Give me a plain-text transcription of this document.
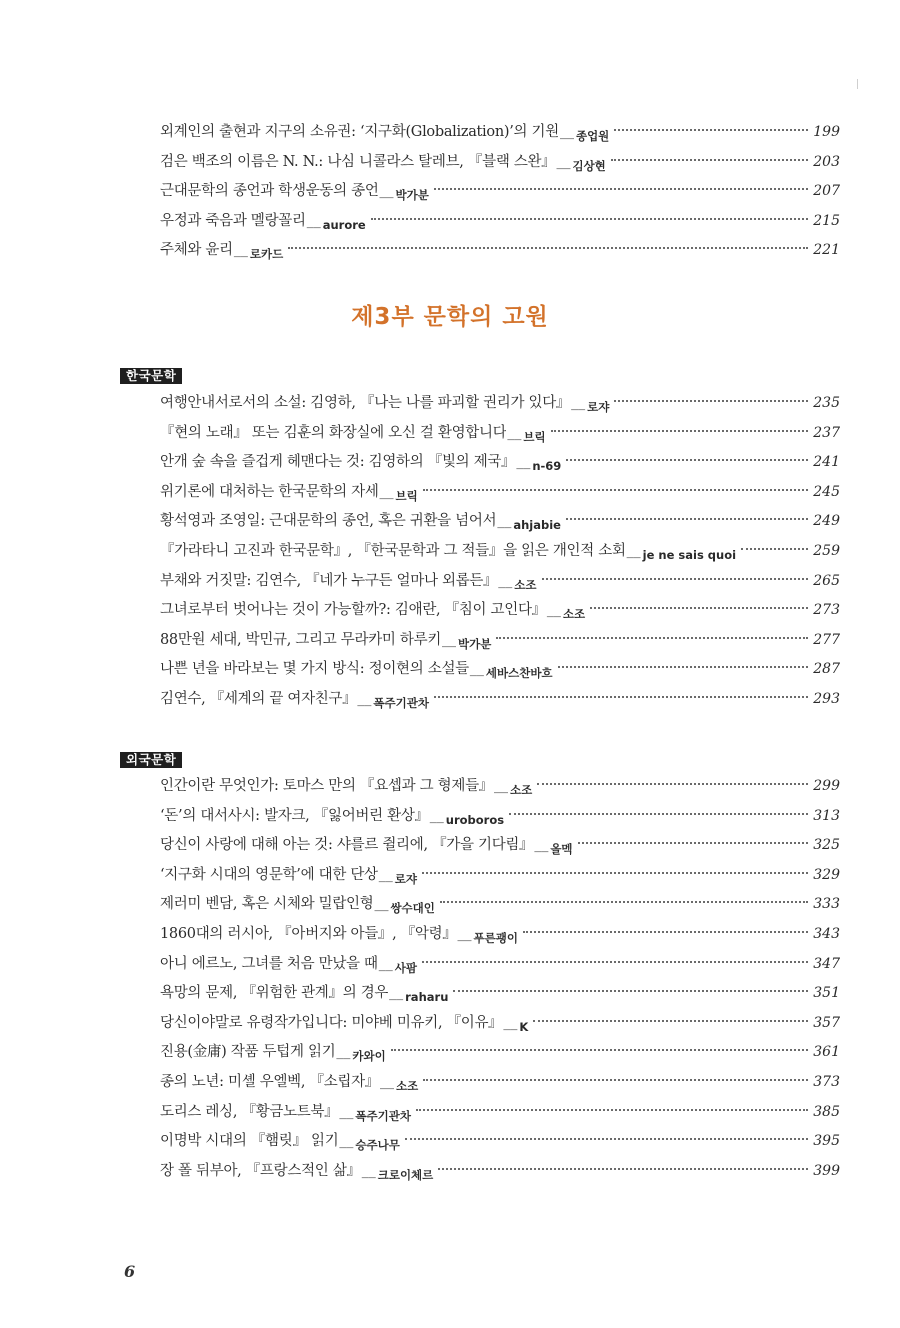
외계인의 출현과 지구의 소유권: ‘지구화(Globalization)’의 기원 __ 종업원	199
검은 백조의 이름은 N. N.: 나심 니콜라스 탈레브, 『블랙 스완』 __ 김상현	203
근대문학의 종언과 학생운동의 종언 __ 박가분	207
우정과 죽음과 멜랑꼴리 __ aurore	215
주체와 윤리 __ 로카드	221
제3부 문학의 고원
한국문학
여행안내서로서의 소설: 김영하, 『나는 나를 파괴할 권리가 있다』 __ 로쟈	235
『현의 노래』 또는 김훈의 화장실에 오신 걸 환영합니다 __ 브릭	237
안개 숲 속을 즐겁게 헤맨다는 것: 김영하의 『빛의 제국』 __ n-69	241
위기론에 대처하는 한국문학의 자세 __ 브릭	245
황석영과 조영일: 근대문학의 종언, 혹은 귀환을 넘어서 __ ahjabie	249
『가라타니 고진과 한국문학』, 『한국문학과 그 적들』을 읽은 개인적 소회 __ je ne sais quoi	259
부채와 거짓말: 김연수, 『네가 누구든 얼마나 외롭든』 __ 소조	265
그녀로부터 벗어나는 것이 가능할까?: 김애란, 『침이 고인다』 __ 소조	273
88만원 세대, 박민규, 그리고 무라카미 하루키 __ 박가분	277
나쁜 년을 바라보는 몇 가지 방식: 정이현의 소설들 __ 세바스찬바흐	287
김연수, 『세계의 끝 여자친구』 __ 폭주기관차	293
외국문학
인간이란 무엇인가: 토마스 만의 『요셉과 그 형제들』 __ 소조	299
‘돈’의 대서사시: 발자크, 『잃어버린 환상』 __ uroboros	313
당신이 사랑에 대해 아는 것: 샤를르 쥘리에, 『가을 기다림』 __ 올멕	325
‘지구화 시대의 영문학’에 대한 단상 __ 로쟈	329
제러미 벤담, 혹은 시체와 밀랍인형 __ 쌍수대인	333
1860대의 러시아, 『아버지와 아들』, 『악령』 __ 푸른괭이	343
아니 에르노, 그녀를 처음 만났을 때 __ 사팜	347
욕망의 문제, 『위험한 관계』의 경우 __ raharu	351
당신이야말로 유령작가입니다: 미야베 미유키, 『이유』 __ K	357
진용(金庸) 작품 두텁게 읽기 __ 카와이	361
종의 노년: 미셸 우엘벡, 『소립자』 __ 소조	373
도리스 레싱, 『황금노트북』 __ 폭주기관차	385
이명박 시대의 『햄릿』 읽기 __ 승주나무	395
장 폴 뒤부아, 『프랑스적인 삶』 __ 크로이체르	399
6
